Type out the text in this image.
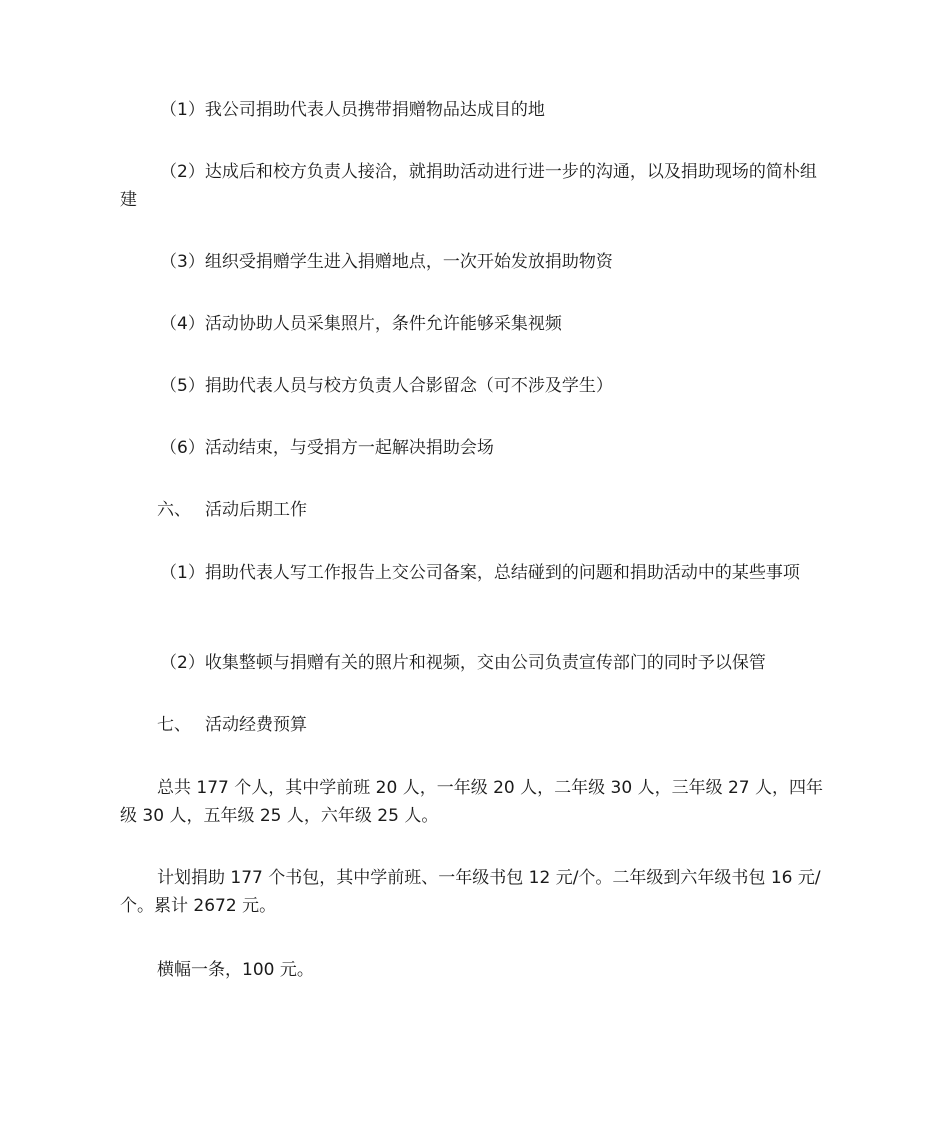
（1）我公司捐助代表人员携带捐赠物品达成目的地

（2）达成后和校方负责人接洽，就捐助活动进行进一步的沟通，以及捐助现场的简朴组建

（3）组织受捐赠学生进入捐赠地点，一次开始发放捐助物资

（4）活动协助人员采集照片，条件允许能够采集视频

（5）捐助代表人员与校方负责人合影留念（可不涉及学生）

（6）活动结束，与受捐方一起解决捐助会场

六、 活动后期工作

（1）捐助代表人写工作报告上交公司备案，总结碰到的问题和捐助活动中的某些事项

（2）收集整顿与捐赠有关的照片和视频，交由公司负责宣传部门的同时予以保管

七、 活动经费预算

总共 177 个人，其中学前班 20 人，一年级 20 人，二年级 30 人，三年级 27 人，四年级 30 人，五年级 25 人，六年级 25 人。

计划捐助 177 个书包，其中学前班、一年级书包 12 元/个。二年级到六年级书包 16 元/个。累计 2672 元。

横幅一条，100 元。
